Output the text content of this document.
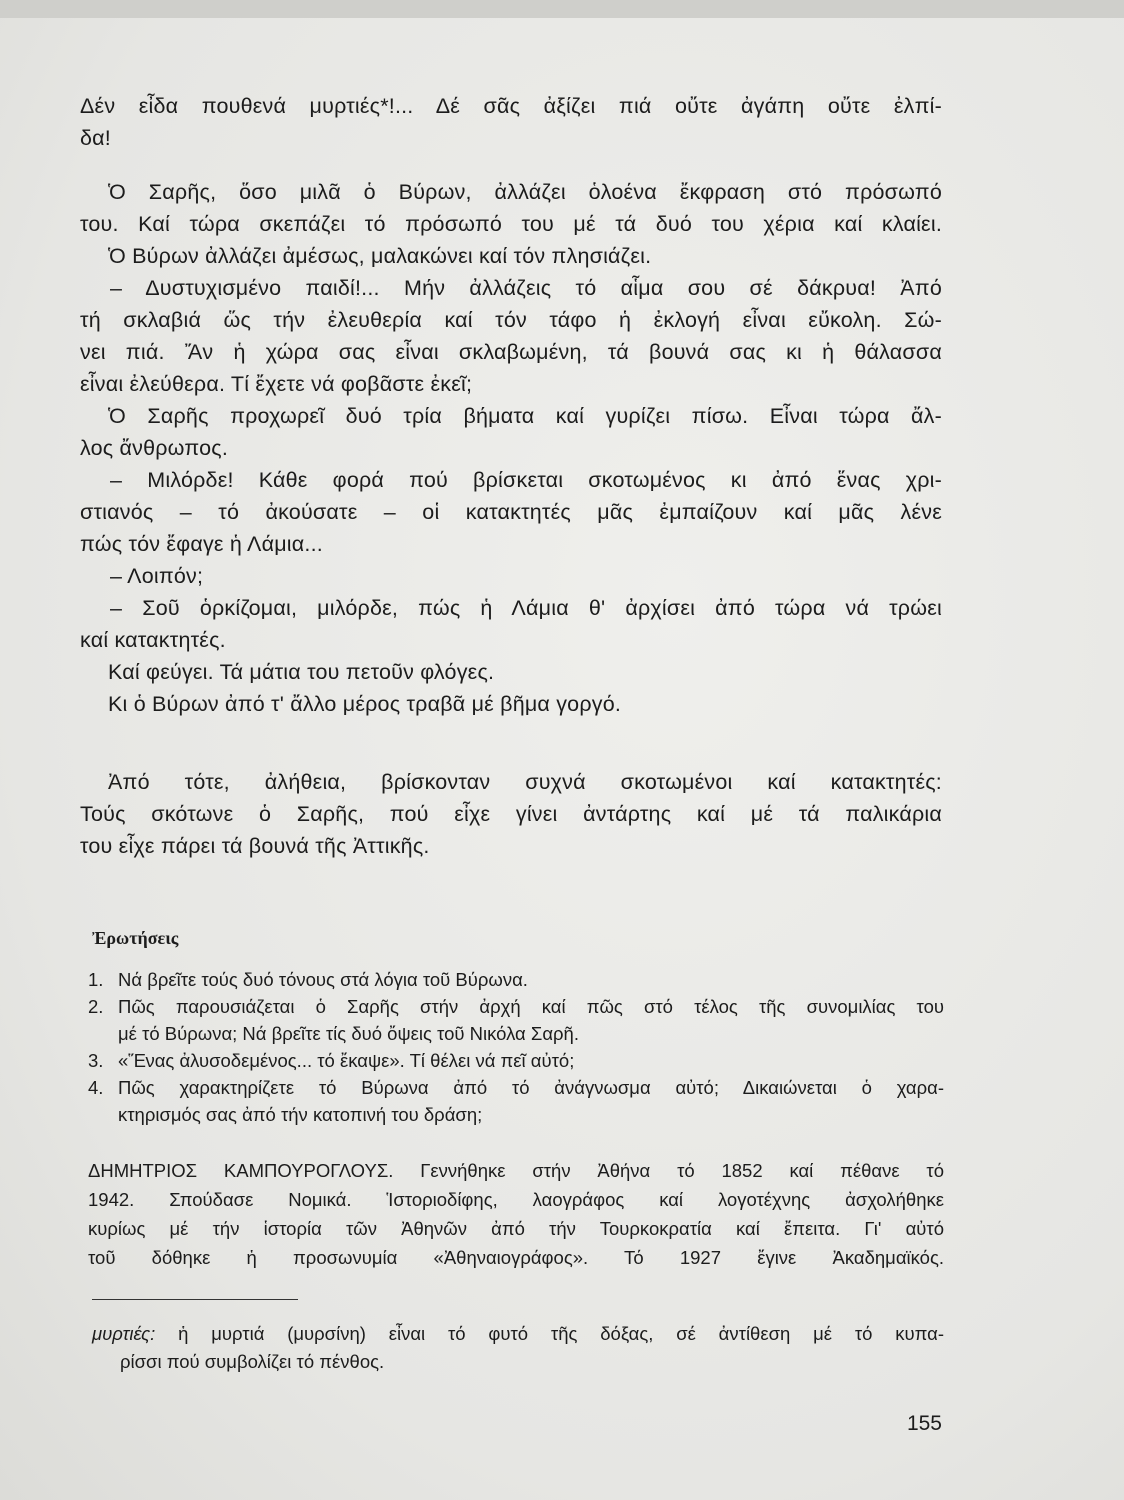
Δέν εἶδα πουθενά μυρτιές*!... Δέ σᾶς ἀξίζει πιά οὔτε ἀγάπη οὔτε ἐλπί-
δα!
Ὁ Σαρῆς, ὅσο μιλᾶ ὁ Βύρων, ἀλλάζει ὁλοένα ἔκφραση στό πρόσωπό
του. Καί τώρα σκεπάζει τό πρόσωπό του μέ τά δυό του χέρια καί κλαίει.
Ὁ Βύρων ἀλλάζει ἀμέσως, μαλακώνει καί τόν πλησιάζει.
– Δυστυχισμένο παιδί!... Μήν ἀλλάζεις τό αἷμα σου σέ δάκρυα! Ἀπό
τή σκλαβιά ὥς τήν ἐλευθερία καί τόν τάφο ἡ ἐκλογή εἶναι εὔκολη. Σώ-
νει πιά. Ἄν ἡ χώρα σας εἶναι σκλαβωμένη, τά βουνά σας κι ἡ θάλασσα
εἶναι ἐλεύθερα. Τί ἔχετε νά φοβᾶστε ἐκεῖ;
Ὁ Σαρῆς προχωρεῖ δυό τρία βήματα καί γυρίζει πίσω. Εἶναι τώρα ἄλ-
λος ἄνθρωπος.
– Μιλόρδε! Κάθε φορά πού βρίσκεται σκοτωμένος κι ἀπό ἕνας χρι-
στιανός – τό ἀκούσατε – οἱ κατακτητές μᾶς ἐμπαίζουν καί μᾶς λένε
πώς τόν ἔφαγε ἡ Λάμια...
– Λοιπόν;
– Σοῦ ὁρκίζομαι, μιλόρδε, πώς ἡ Λάμια θ' ἀρχίσει ἀπό τώρα νά τρώει
καί κατακτητές.
Καί φεύγει. Τά μάτια του πετοῦν φλόγες.
Κι ὁ Βύρων ἀπό τ' ἄλλο μέρος τραβᾶ μέ βῆμα γοργό.
Ἀπό τότε, ἀλήθεια, βρίσκονταν συχνά σκοτωμένοι καί κατακτητές:
Τούς σκότωνε ὁ Σαρῆς, πού εἶχε γίνει ἀντάρτης καί μέ τά παλικάρια
του εἶχε πάρει τά βουνά τῆς Ἀττικῆς.
Ἐρωτήσεις
1. Νά βρεῖτε τούς δυό τόνους στά λόγια τοῦ Βύρωνα.
2. Πῶς παρουσιάζεται ὁ Σαρῆς στήν ἀρχή καί πῶς στό τέλος τῆς συνομιλίας του
μέ τό Βύρωνα; Νά βρεῖτε τίς δυό ὄψεις τοῦ Νικόλα Σαρῆ.
3. «Ἕνας ἀλυσοδεμένος... τό ἔκαψε». Τί θέλει νά πεῖ αὐτό;
4. Πῶς χαρακτηρίζετε τό Βύρωνα ἀπό τό ἀνάγνωσμα αὐτό; Δικαιώνεται ὁ χαρα-
κτηρισμός σας ἀπό τήν κατοπινή του δράση;
ΔΗΜΗΤΡΙΟΣ ΚΑΜΠΟΥΡΟΓΛΟΥΣ. Γεννήθηκε στήν Ἀθήνα τό 1852 καί πέθανε τό
1942. Σπούδασε Νομικά. Ἱστοριοδίφης, λαογράφος καί λογοτέχνης ἀσχολήθηκε
κυρίως μέ τήν ἱστορία τῶν Ἀθηνῶν ἀπό τήν Τουρκοκρατία καί ἔπειτα. Γι' αὐτό
τοῦ δόθηκε ἡ προσωνυμία «Ἀθηναιογράφος». Τό 1927 ἔγινε Ἀκαδημαϊκός.
μυρτιές: ἡ μυρτιά (μυρσίνη) εἶναι τό φυτό τῆς δόξας, σέ ἀντίθεση μέ τό κυπα-
ρίσσι πού συμβολίζει τό πένθος.
155
